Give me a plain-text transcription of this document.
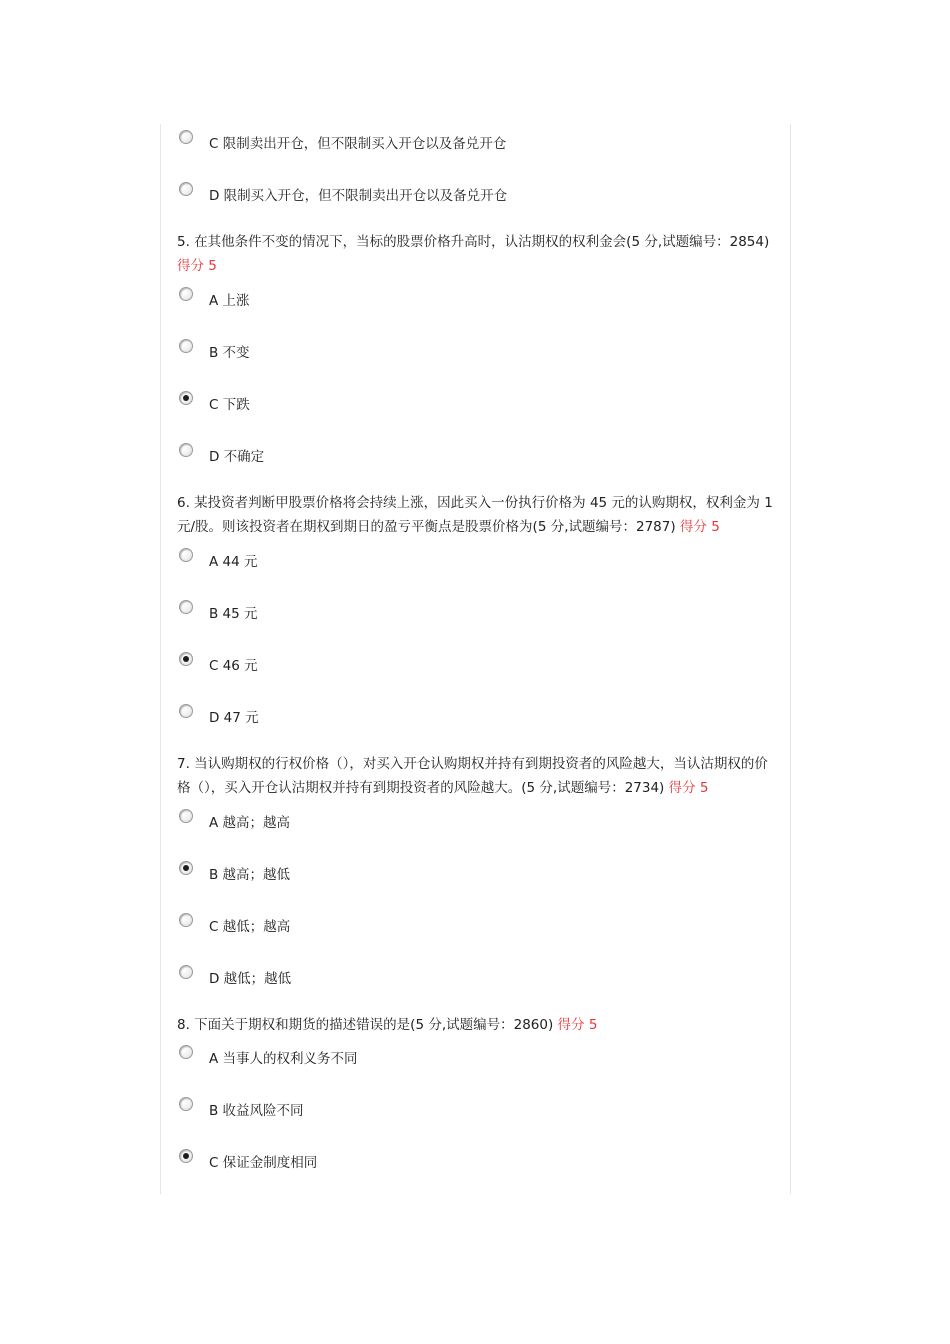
C 限制卖出开仓，但不限制买入开仓以及备兑开仓
D 限制买入开仓，但不限制卖出开仓以及备兑开仓
5. 在其他条件不变的情况下，当标的股票价格升高时，认沽期权的权利金会(5 分,试题编号：2854) 得分 5
A 上涨
B 不变
C 下跌
D 不确定
6. 某投资者判断甲股票价格将会持续上涨，因此买入一份执行价格为 45 元的认购期权，权利金为 1 元/股。则该投资者在期权到期日的盈亏平衡点是股票价格为(5 分,试题编号：2787) 得分 5
A 44 元
B 45 元
C 46 元
D 47 元
7. 当认购期权的行权价格（），对买入开仓认购期权并持有到期投资者的风险越大，当认沽期权的价格（），买入开仓认沽期权并持有到期投资者的风险越大。(5 分,试题编号：2734) 得分 5
A 越高；越高
B 越高；越低
C 越低；越高
D 越低；越低
8. 下面关于期权和期货的描述错误的是(5 分,试题编号：2860) 得分 5
A 当事人的权利义务不同
B 收益风险不同
C 保证金制度相同
